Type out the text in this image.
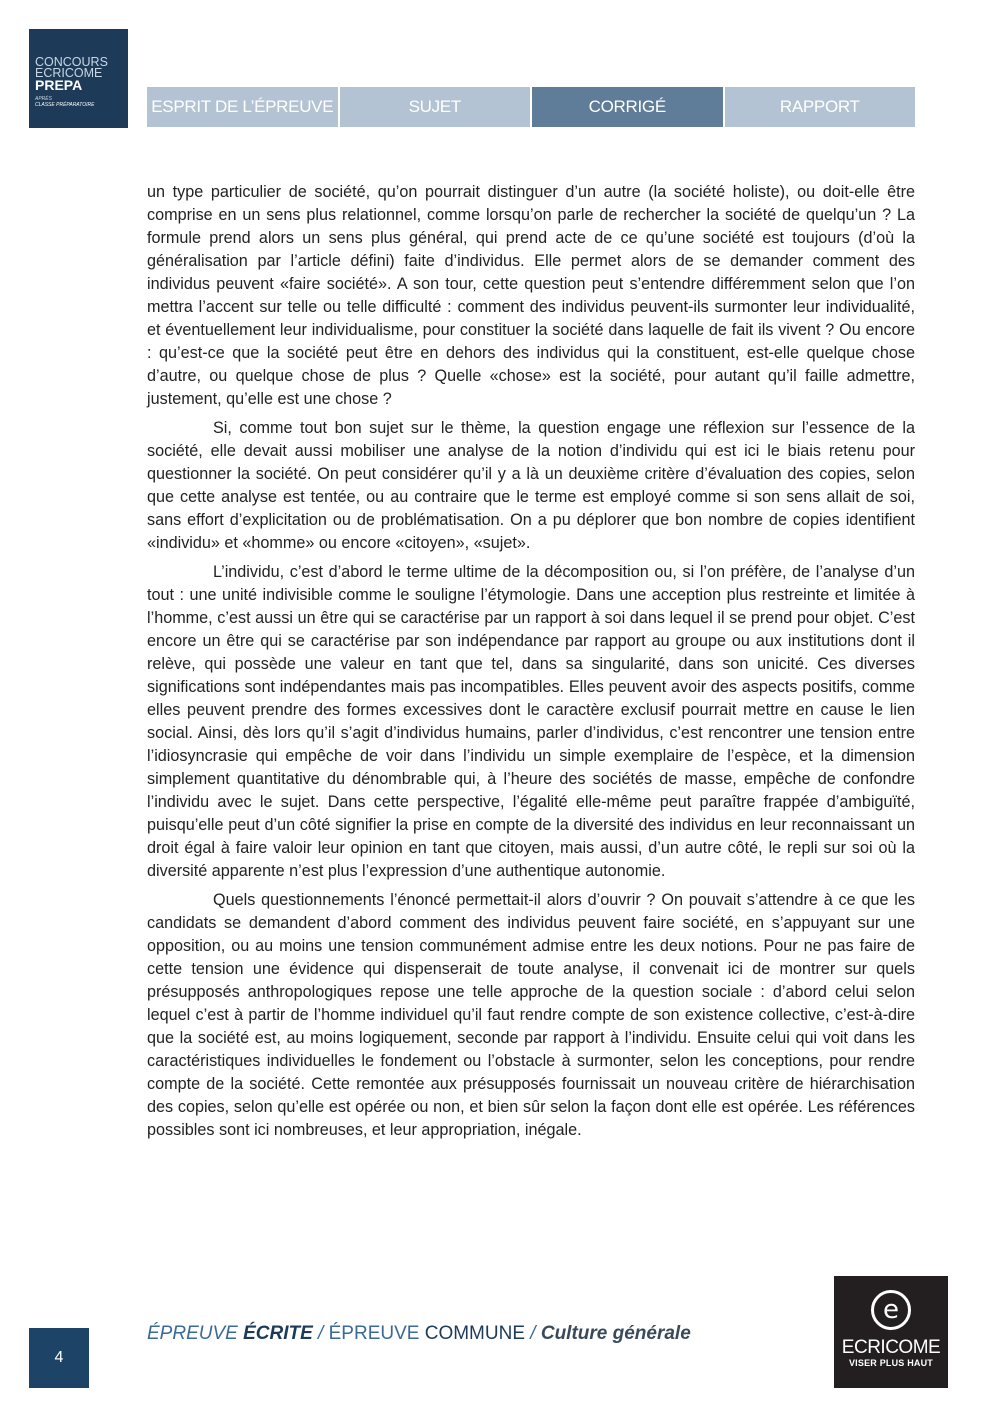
CONCOURS
ECRICOME
PREPA
APRÈS
CLASSE PRÉPARATOIRE	ESPRIT DE L’ÉPREUVE	SUJET	CORRIGÉ	RAPPORT

un type particulier de société, qu’on pourrait distinguer d’un autre (la société holiste), ou doit-elle être comprise en un sens plus relationnel, comme lorsqu’on parle de rechercher la société de quelqu’un ? La formule prend alors un sens plus général, qui prend acte de ce qu’une société est toujours (d’où la généralisation par l’article défini) faite d’individus. Elle permet alors de se demander comment des individus peuvent «faire société». A son tour, cette question peut s’entendre différemment selon que l’on mettra l’accent sur telle ou telle difficulté : comment des individus peuvent-ils surmonter leur individualité, et éventuellement leur individualisme, pour constituer la société dans laquelle de fait ils vivent ? Ou encore : qu’est-ce que la société peut être en dehors des individus qui la constituent, est-elle quelque chose d’autre, ou quelque chose de plus ? Quelle «chose» est la société, pour autant qu’il faille admettre, justement, qu’elle est une chose ?

Si, comme tout bon sujet sur le thème, la question engage une réflexion sur l’essence de la société, elle devait aussi mobiliser une analyse de la notion d’individu qui est ici le biais retenu pour questionner la société. On peut considérer qu’il y a là un deuxième critère d’évaluation des copies, selon que cette analyse est tentée, ou au contraire que le terme est employé comme si son sens allait de soi, sans effort d’explicitation ou de problématisation. On a pu déplorer que bon nombre de copies identifient «individu» et «homme» ou encore «citoyen», «sujet».

L’individu, c’est d’abord le terme ultime de la décomposition ou, si l’on préfère, de l’analyse d’un tout : une unité indivisible comme le souligne l’étymologie. Dans une acception plus restreinte et limitée à l’homme, c’est aussi un être qui se caractérise par un rapport à soi dans lequel il se prend pour objet. C’est encore un être qui se caractérise par son indépendance par rapport au groupe ou aux institutions dont il relève, qui possède une valeur en tant que tel, dans sa singularité, dans son unicité. Ces diverses significations sont indépendantes mais pas incompatibles. Elles peuvent avoir des aspects positifs, comme elles peuvent prendre des formes excessives dont le caractère exclusif pourrait mettre en cause le lien social. Ainsi, dès lors qu’il s’agit d’individus humains, parler d’individus, c’est rencontrer une tension entre l’idiosyncrasie qui empêche de voir dans l’individu un simple exemplaire de l’espèce, et la dimension simplement quantitative du dénombrable qui, à l’heure des sociétés de masse, empêche de confondre l’individu avec le sujet. Dans cette perspective, l’égalité elle-même peut paraître frappée d’ambiguïté, puisqu’elle peut d’un côté signifier la prise en compte de la diversité des individus en leur reconnaissant un droit égal à faire valoir leur opinion en tant que citoyen, mais aussi, d’un autre côté, le repli sur soi où la diversité apparente n’est plus l’expression d’une authentique autonomie.

Quels questionnements l’énoncé permettait-il alors d’ouvrir ? On pouvait s’attendre à ce que les candidats se demandent d’abord comment des individus peuvent faire société, en s’appuyant sur une opposition, ou au moins une tension communément admise entre les deux notions. Pour ne pas faire de cette tension une évidence qui dispenserait de toute analyse, il convenait ici de montrer sur quels présupposés anthropologiques repose une telle approche de la question sociale : d’abord celui selon lequel c’est à partir de l’homme individuel qu’il faut rendre compte de son existence collective, c’est-à-dire que la société est, au moins logiquement, seconde par rapport à l’individu. Ensuite celui qui voit dans les caractéristiques individuelles le fondement ou l’obstacle à surmonter, selon les conceptions, pour rendre compte de la société. Cette remontée aux présupposés fournissait un nouveau critère de hiérarchisation des copies, selon qu’elle est opérée ou non, et bien sûr selon la façon dont elle est opérée. Les références possibles sont ici nombreuses, et leur appropriation, inégale.

4
ÉPREUVE ÉCRITE / ÉPREUVE COMMUNE / Culture générale
e
ECRICOME
VISER PLUS HAUT
